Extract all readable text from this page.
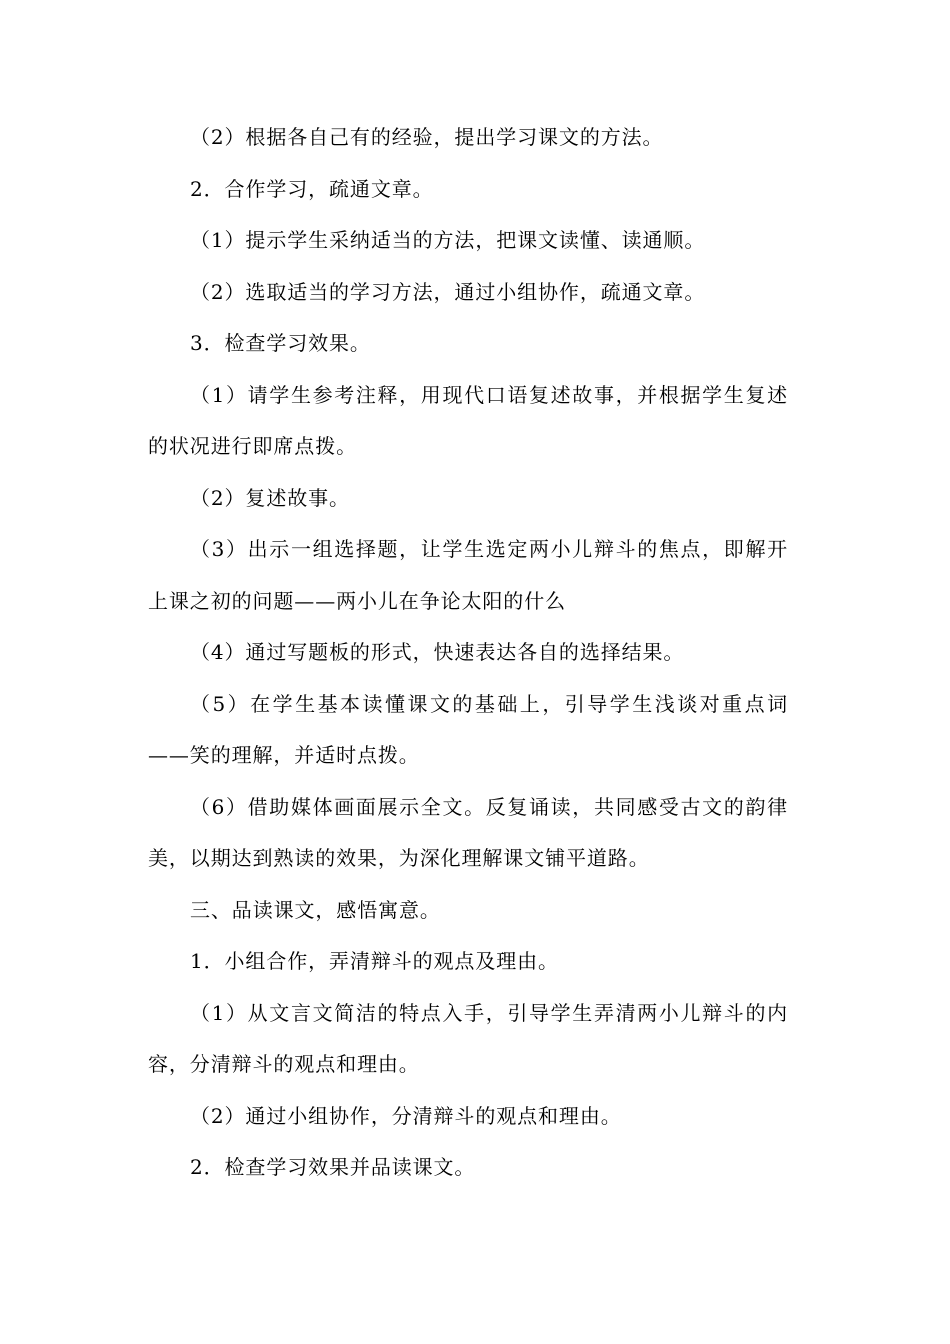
（2）根据各自己有的经验，提出学习课文的方法。

2．合作学习，疏通文章。

（1）提示学生采纳适当的方法，把课文读懂、读通顺。

（2）选取适当的学习方法，通过小组协作，疏通文章。

3．检查学习效果。

（1）请学生参考注释，用现代口语复述故事，并根据学生复述的状况进行即席点拨。

（2）复述故事。

（3）出示一组选择题，让学生选定两小儿辩斗的焦点，即解开上课之初的问题——两小儿在争论太阳的什么

（4）通过写题板的形式，快速表达各自的选择结果。

（5）在学生基本读懂课文的基础上，引导学生浅谈对重点词——笑的理解，并适时点拨。

（6）借助媒体画面展示全文。反复诵读，共同感受古文的韵律美，以期达到熟读的效果，为深化理解课文铺平道路。

三、品读课文，感悟寓意。

1．小组合作，弄清辩斗的观点及理由。

（1）从文言文简洁的特点入手，引导学生弄清两小儿辩斗的内容，分清辩斗的观点和理由。

（2）通过小组协作，分清辩斗的观点和理由。

2．检查学习效果并品读课文。
